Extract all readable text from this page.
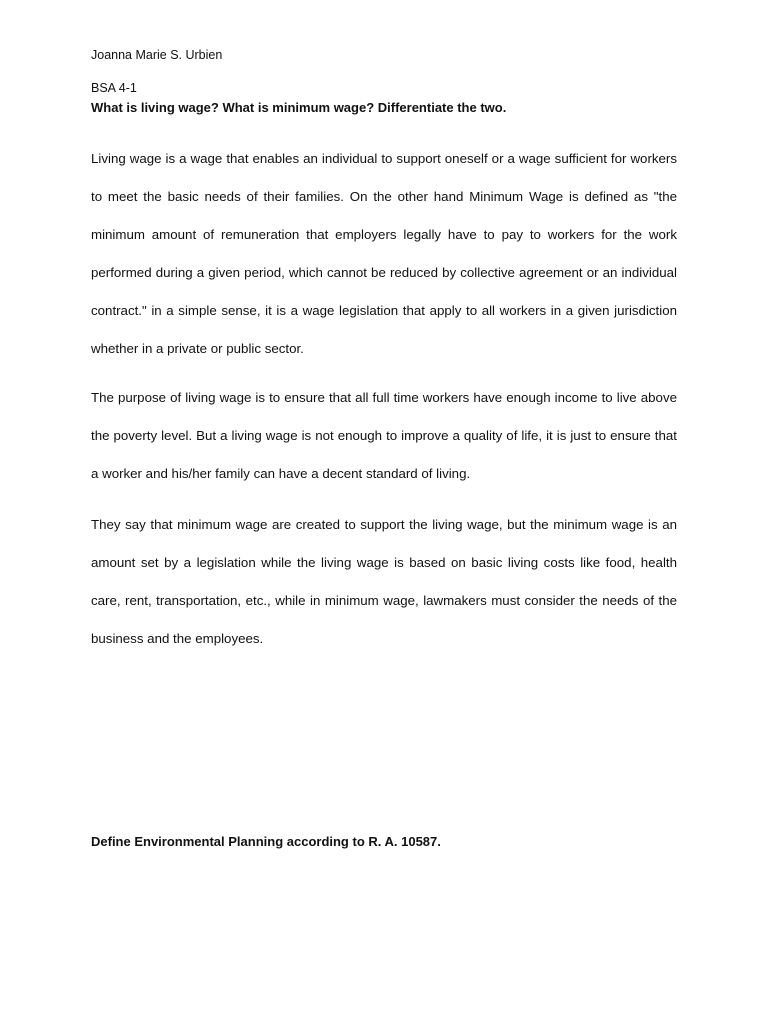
Joanna Marie S. Urbien
BSA 4-1
What is living wage? What is minimum wage? Differentiate the two.

Living wage is a wage that enables an individual to support oneself or a wage sufficient for workers to meet the basic needs of their families. On the other hand Minimum Wage is defined as "the minimum amount of remuneration that employers legally have to pay to workers for the work performed during a given period, which cannot be reduced by collective agreement or an individual contract." in a simple sense, it is a wage legislation that apply to all workers in a given jurisdiction whether in a private or public sector.

The purpose of living wage is to ensure that all full time workers have enough income to live above the poverty level. But a living wage is not enough to improve a quality of life, it is just to ensure that a worker and his/her family can have a decent standard of living.

They say that minimum wage are created to support the living wage, but the minimum wage is an amount set by a legislation while the living wage is based on basic living costs like food, health care, rent, transportation, etc., while in minimum wage, lawmakers must consider the needs of the business and the employees.

Define Environmental Planning according to R. A. 10587.
